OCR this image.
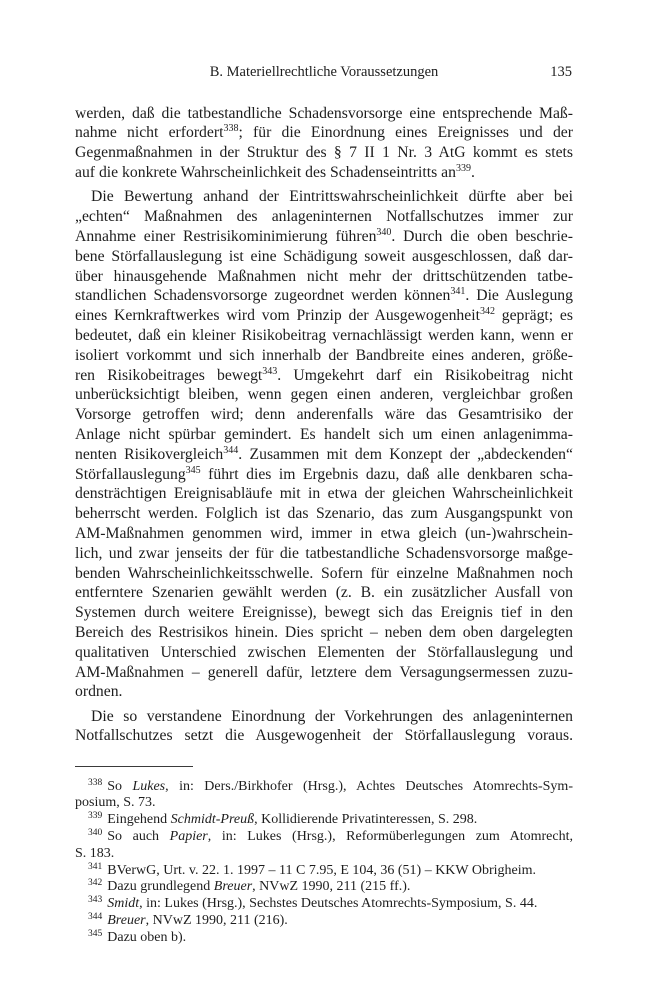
B. Materiellrechtliche Voraussetzungen	135
werden, daß die tatbestandliche Schadensvorsorge eine entsprechende Maß-
nahme nicht erfordert$^{338}$; für die Einordnung eines Ereignisses und der
Gegenmaßnahmen in der Struktur des § 7 II 1 Nr. 3 AtG kommt es stets
auf die konkrete Wahrscheinlichkeit des Schadenseintritts an$^{339}$.
Die Bewertung anhand der Eintrittswahrscheinlichkeit dürfte aber bei
„echten“ Maßnahmen des anlageninternen Notfallschutzes immer zur
Annahme einer Restrisikominimierung führen$^{340}$. Durch die oben beschrie-
bene Störfallauslegung ist eine Schädigung soweit ausgeschlossen, daß dar-
über hinausgehende Maßnahmen nicht mehr der drittschützenden tatbe-
standlichen Schadensvorsorge zugeordnet werden können$^{341}$. Die Auslegung
eines Kernkraftwerkes wird vom Prinzip der Ausgewogenheit$^{342}$ geprägt; es
bedeutet, daß ein kleiner Risikobeitrag vernachlässigt werden kann, wenn er
isoliert vorkommt und sich innerhalb der Bandbreite eines anderen, größe-
ren Risikobeitrages bewegt$^{343}$. Umgekehrt darf ein Risikobeitrag nicht
unberücksichtigt bleiben, wenn gegen einen anderen, vergleichbar großen
Vorsorge getroffen wird; denn anderenfalls wäre das Gesamtrisiko der
Anlage nicht spürbar gemindert. Es handelt sich um einen anlagenimma-
nenten Risikovergleich$^{344}$. Zusammen mit dem Konzept der „abdeckenden“
Störfallauslegung$^{345}$ führt dies im Ergebnis dazu, daß alle denkbaren scha-
densträchtigen Ereignisabläufe mit in etwa der gleichen Wahrscheinlichkeit
beherrscht werden. Folglich ist das Szenario, das zum Ausgangspunkt von
AM-Maßnahmen genommen wird, immer in etwa gleich (un-)wahrschein-
lich, und zwar jenseits der für die tatbestandliche Schadensvorsorge maßge-
benden Wahrscheinlichkeitsschwelle. Sofern für einzelne Maßnahmen noch
entferntere Szenarien gewählt werden (z. B. ein zusätzlicher Ausfall von
Systemen durch weitere Ereignisse), bewegt sich das Ereignis tief in den
Bereich des Restrisikos hinein. Dies spricht – neben dem oben dargelegten
qualitativen Unterschied zwischen Elementen der Störfallauslegung und
AM-Maßnahmen – generell dafür, letztere dem Versagungsermessen zuzu-
ordnen.
Die so verstandene Einordnung der Vorkehrungen des anlageninternen
Notfallschutzes setzt die Ausgewogenheit der Störfallauslegung voraus.
$^{338}$ So Lukes, in: Ders./Birkhofer (Hrsg.), Achtes Deutsches Atomrechts-Sym-
posium, S. 73.
$^{339}$ Eingehend Schmidt-Preuß, Kollidierende Privatinteressen, S. 298.
$^{340}$ So auch Papier, in: Lukes (Hrsg.), Reformüberlegungen zum Atomrecht,
S. 183.
$^{341}$ BVerwG, Urt. v. 22. 1. 1997 – 11 C 7.95, E 104, 36 (51) – KKW Obrigheim.
$^{342}$ Dazu grundlegend Breuer, NVwZ 1990, 211 (215 ff.).
$^{343}$ Smidt, in: Lukes (Hrsg.), Sechstes Deutsches Atomrechts-Symposium, S. 44.
$^{344}$ Breuer, NVwZ 1990, 211 (216).
$^{345}$ Dazu oben b).
